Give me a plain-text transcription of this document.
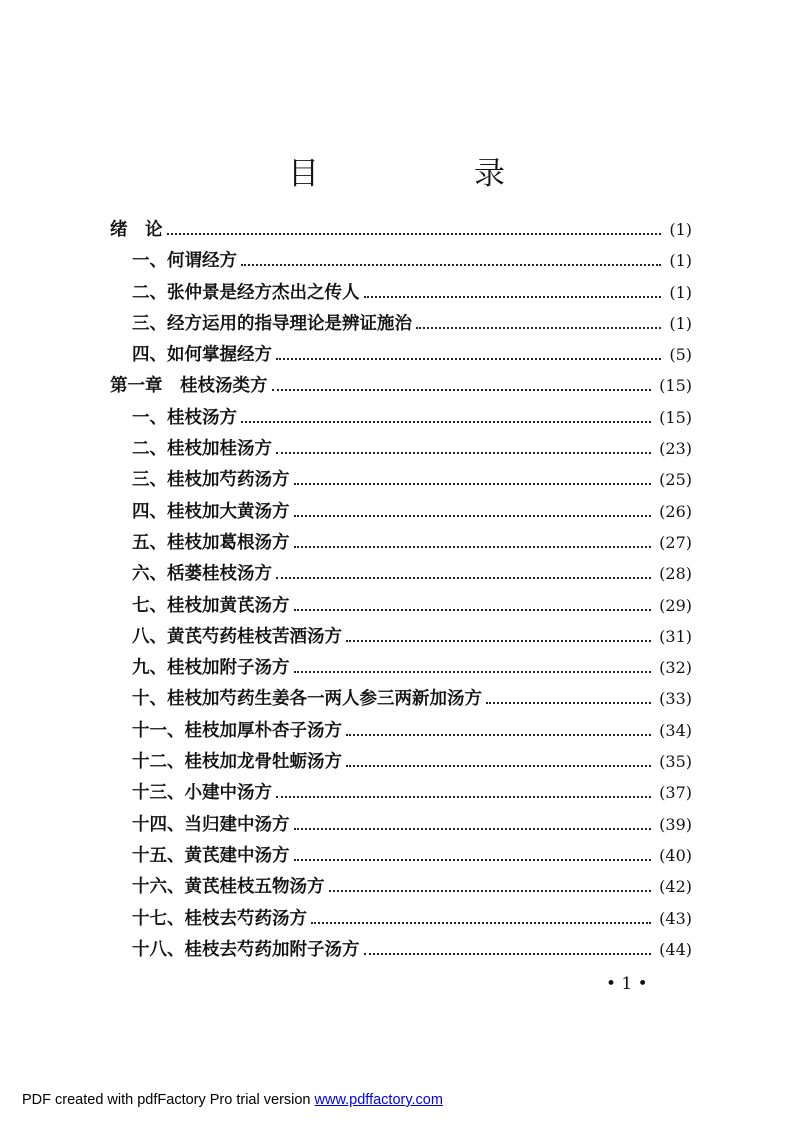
目　录
绪　论	(1)
一、何谓经方	(1)
二、张仲景是经方杰出之传人	(1)
三、经方运用的指导理论是辨证施治	(1)
四、如何掌握经方	(5)
第一章　桂枝汤类方	(15)
一、桂枝汤方	(15)
二、桂枝加桂汤方	(23)
三、桂枝加芍药汤方	(25)
四、桂枝加大黄汤方	(26)
五、桂枝加葛根汤方	(27)
六、栝蒌桂枝汤方	(28)
七、桂枝加黄芪汤方	(29)
八、黄芪芍药桂枝苦酒汤方	(31)
九、桂枝加附子汤方	(32)
十、桂枝加芍药生姜各一两人参三两新加汤方	(33)
十一、桂枝加厚朴杏子汤方	(34)
十二、桂枝加龙骨牡蛎汤方	(35)
十三、小建中汤方	(37)
十四、当归建中汤方	(39)
十五、黄芪建中汤方	(40)
十六、黄芪桂枝五物汤方	(42)
十七、桂枝去芍药汤方	(43)
十八、桂枝去芍药加附子汤方	(44)
• 1 •
PDF created with pdfFactory Pro trial version www.pdffactory.com
